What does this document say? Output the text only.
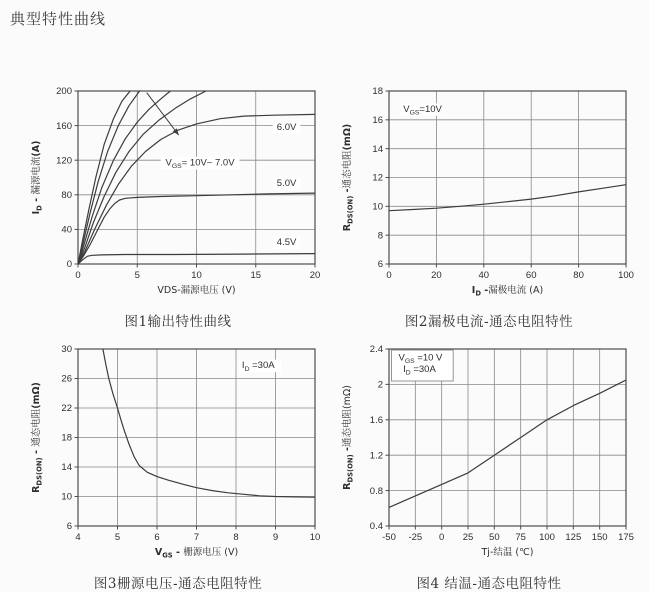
典型特性曲线
0	5	10	15	20
0
40
80
120
160
200
VDS-漏源电压 (V)
$I_D$ - 漏源电流(A)
$V_{GS}=$ 10V~ 7.0V
6.0V
5.0V
4.5V
图1输出特性曲线
0	20	40	60	80	100
6
8
10
12
14
16
18
$I_D$ -漏极电流 (A)
$R_{DS(ON)}$ -通态电阻(mΩ)
$V_{GS}=10V$
图2漏极电流-通态电阻特性
4	5	6	7	8	9	10
6
10
14
18
22
26
30
$V_{GS}$ - 栅源电压 (V)
$R_{DS(ON)}$ - 通态电阻(mΩ)
$I_D =30A$
图3栅源电压-通态电阻特性
-50 -25 0 25 50 75 100 125 150 175
0.4
0.8
1.2
1.6
2
2.4
Tj-结温 (℃)
$R_{DS(ON)}$ -通态电阻(mΩ)
$V_{GS} =10$ V
$I_D =30A$
图4 结温-通态电阻特性
